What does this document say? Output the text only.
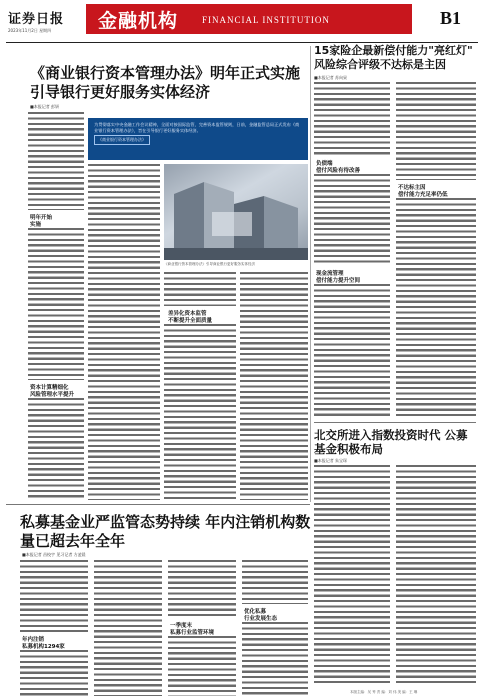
证券日报
2023年11月2日 星期四 金融机构	FINANCIAL INSTITUTION	B1
《商业银行资本管理办法》明年正式实施 引导银行更好服务实体经济
■本报记者 彭妍
明年开始
实施
资本计算精细化
风险管理水平提升
为贯彻落实中央金融工作会议精神，全面对接国际监管，完善资本监管规则，日前，金融监管总局正式发布《商业银行资本管理办法》，旨在引导银行更好服务实体经济。
《商业银行资本管理办法》
《商业银行资本管理办法》引导商业银行更好服务实体经济
差异化资本监管
不断提升全面质量
15家险企最新偿付能力"亮红灯" 风险综合评级不达标是主因
■本报记者 苏向杲
负债端
偿付风险有待改善
现金流管理
偿付能力提升空间
不达标主因
偿付能力充足率仍低
北交所进入指数投资时代 公募基金积极布局
■本报记者 朱宝琛
私募基金业严监管态势持续 年内注销机构数量已超去年全年
■本报记者 昌校宇 见习记者 方凌晨
年内注销
私募机构1294家
一季度末
私募行业监管环境
优化私募
行业发展生态
本版主编：吴 秀 责 编：刘 伟 美 编：王 琳
